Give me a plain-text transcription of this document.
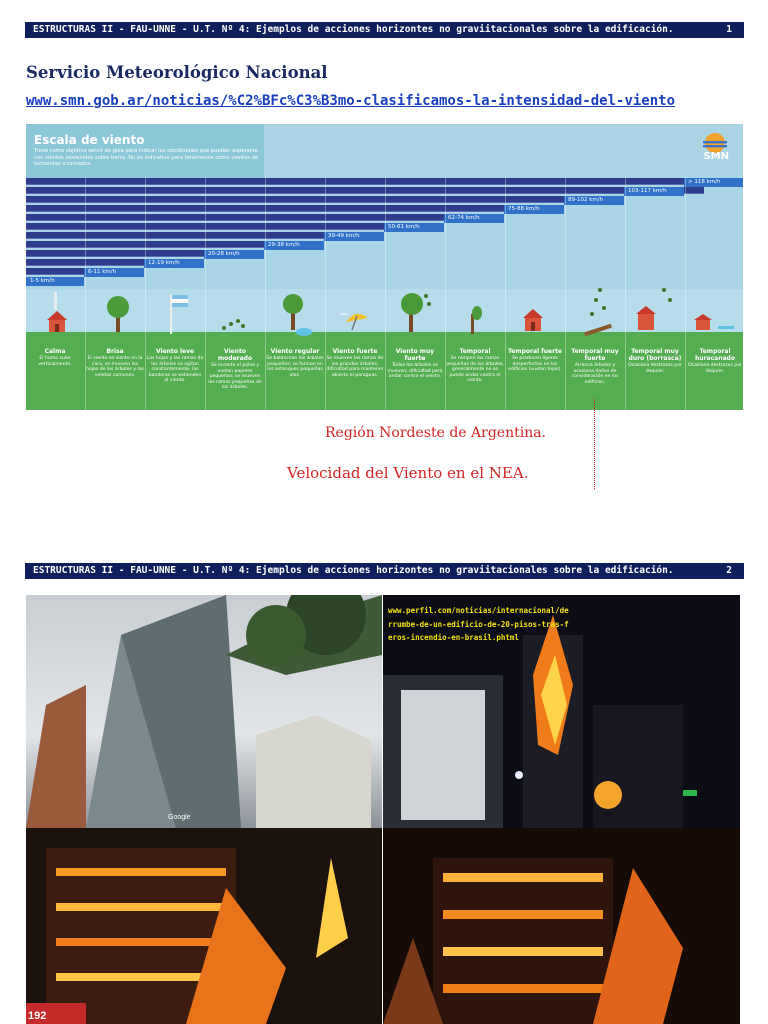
ESTRUCTURAS II - FAU-UNNE - U.T. Nº 4: Ejemplos de acciones horizontes no graviitacionales sobre la edificación.	1
Servicio Meteorológico Nacional
www.smn.gob.ar/noticias/%C2%BFc%C3%B3mo-clasificamos-la-intensidad-del-viento
Escala de viento
Tiene como objetivo servir de guía para indicar las condiciones que pueden esperarse con vientos sostenidos sobre tierra. No es indicativo para fenómenos como vientos de tormentas o tornados.
SMN
> 118 km/h
103-117 km/h
89-102 km/h
75-88 km/h
62-74 km/h
50-61 km/h
39-49 km/h
29-38 km/h
20-28 km/h
12-19 km/h
6-11 km/h
1-5 km/h
Calma
El humo sube verticalmente.
Brisa
El viento se siente en la cara, se mueven las hojas de los árboles y las veletas comunes.
Viento leve
Las hojas y las ramas de los árboles se agitan constantemente, las banderas se extienden al viento.
Viento moderado
Se levanta el polvo y vuelan papeles pequeños; se mueven las ramas pequeñas de los árboles.
Viento regular
Se balancean los árboles pequeños; se forman en los estanques pequeñas olas.
Viento fuerte
Se mueven las ramas de los grandes árboles; dificultad para mantener abierto el paraguas.
Viento muy fuerte
Todos los árboles se mueven; dificultad para andar contra el viento.
Temporal
Se rompen las ramas pequeñas de los árboles, generalmente no se puede andar contra el viento.
Temporal fuerte
Se producen ligeros desperfectos en los edificios (vuelan tejas).
Temporal muy fuerte
Arranca árboles y ocasiona daños de consideración en los edificios.
Temporal muy duro (borrasca)
Ocasiona destrozos por doquier.
Temporal huracanado
Ocasiona destrozos por doquier.
Región Nordeste de Argentina.
Velocidad del Viento en el NEA.
ESTRUCTURAS II - FAU-UNNE - U.T. Nº 4: Ejemplos de acciones horizontes no graviitacionales sobre la edificación.	2
Google
www.perfil.com/noticias/internacional/derrumbe-de-un-edificio-de-20-pisos-tras-feros-incendio-en-brasil.phtml
192
